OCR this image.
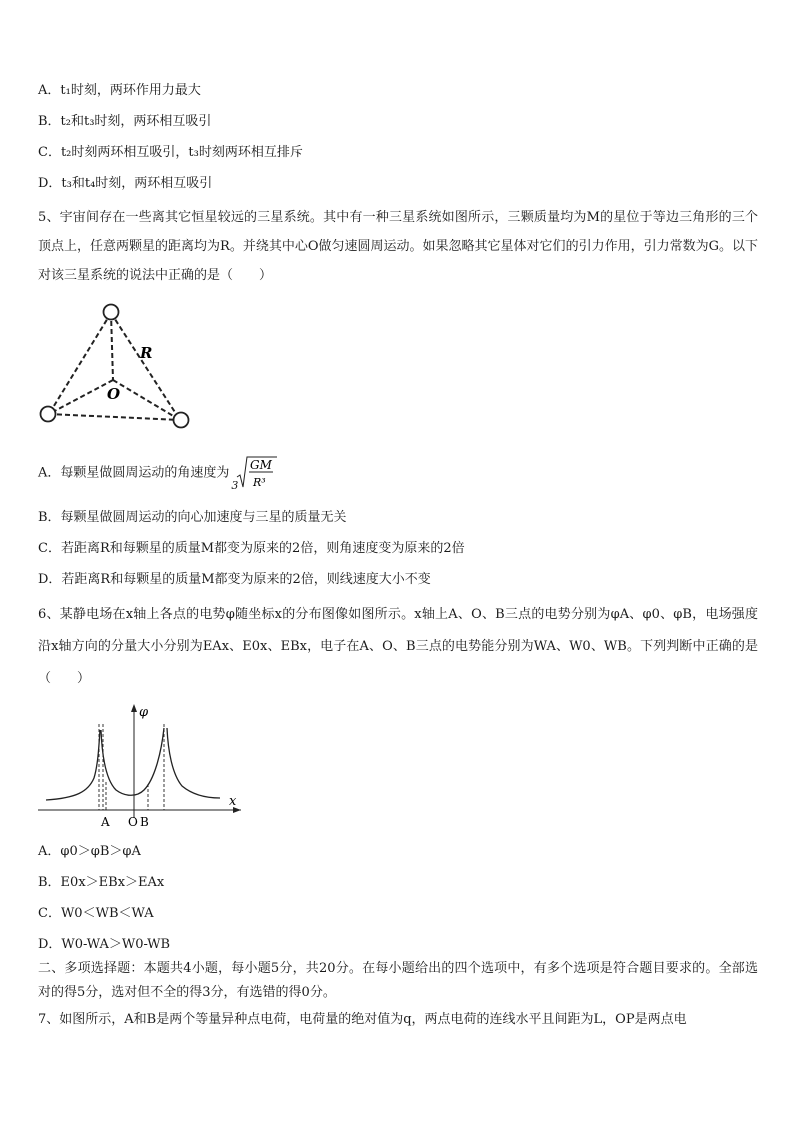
A．t₁时刻，两环作用力最大
B．t₂和t₃时刻，两环相互吸引
C．t₂时刻两环相互吸引，t₃时刻两环相互排斥
D．t₃和t₄时刻，两环相互吸引
5、宇宙间存在一些离其它恒星较远的三星系统。其中有一种三星系统如图所示，三颗质量均为M的星位于等边三角形的三个顶点上，任意两颗星的距离均为R。并绕其中心O做匀速圆周运动。如果忽略其它星体对它们的引力作用，引力常数为G。以下对该三星系统的说法中正确的是（　　）
R
O
A．每颗星做圆周运动的角速度为
3
GM
R³
B．每颗星做圆周运动的向心加速度与三星的质量无关
C．若距离R和每颗星的质量M都变为原来的2倍，则角速度变为原来的2倍
D．若距离R和每颗星的质量M都变为原来的2倍，则线速度大小不变
6、某静电场在x轴上各点的电势φ随坐标x的分布图像如图所示。x轴上A、O、B三点的电势分别为φA、φ0、φB，电场强度沿x轴方向的分量大小分别为EAx、E0x、EBx，电子在A、O、B三点的电势能分别为WA、W0、WB。下列判断中正确的是（　　）
φ
x
A O B
A．φ0＞φB＞φA
B．E0x＞EBx＞EAx
C．W0＜WB＜WA
D．W0-WA＞W0-WB
二、多项选择题：本题共4小题，每小题5分，共20分。在每小题给出的四个选项中，有多个选项是符合题目要求的。全部选对的得5分，选对但不全的得3分，有选错的得0分。
7、如图所示，A和B是两个等量异种点电荷，电荷量的绝对值为q，两点电荷的连线水平且间距为L，OP是两点电
